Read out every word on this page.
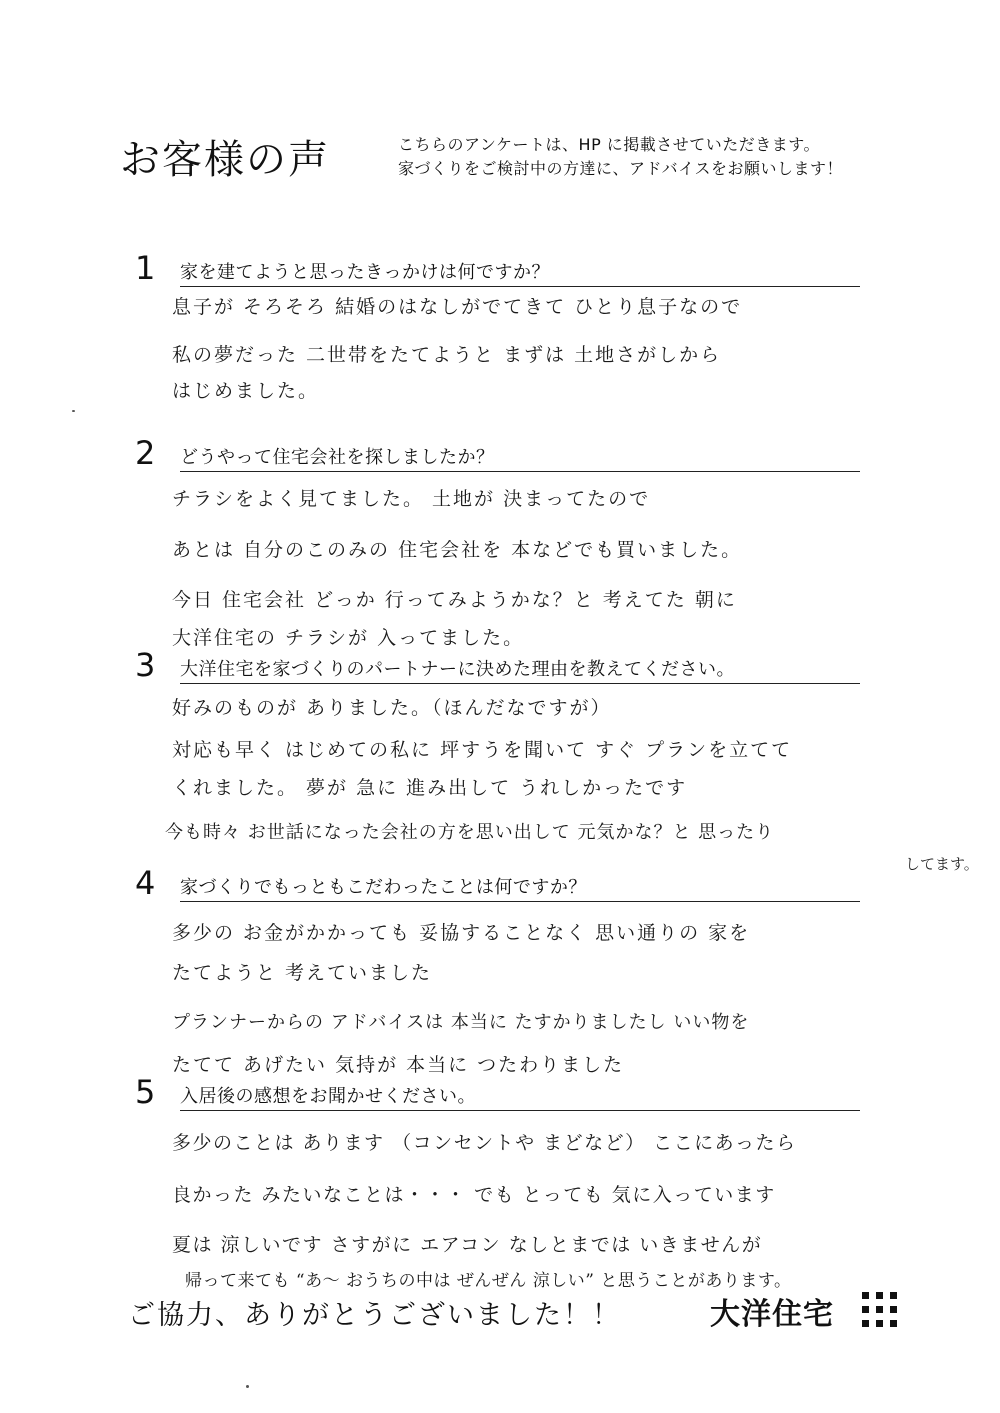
お客様の声	こちらのアンケートは、HP に掲載させていただきます。
家づくりをご検討中の方達に、アドバイスをお願いします！
1 家を建てようと思ったきっかけは何ですか？
息子が そろそろ 結婚のはなしがでてきて ひとり息子なので
私の夢だった 二世帯をたてようと まずは 土地さがしから
はじめました。
2 どうやって住宅会社を探しましたか？
チラシをよく見てました。 土地が 決まってたので
あとは 自分のこのみの 住宅会社を 本などでも買いました。
今日 住宅会社 どっか 行ってみようかな？と 考えてた 朝に
大洋住宅の チラシが 入ってました。
3 大洋住宅を家づくりのパートナーに決めた理由を教えてください。
好みのものが ありました。（ほんだなですが）
対応も早く はじめての私に 坪すうを聞いて すぐ プランを立てて
くれました。 夢が 急に 進み出して うれしかったです
今も時々 お世話になった会社の方を思い出して 元気かな？と 思ったり
してます。
4 家づくりでもっともこだわったことは何ですか？
多少の お金がかかっても 妥協することなく 思い通りの 家を
たてようと 考えていました
プランナーからの アドバイスは 本当に たすかりましたし いい物を
たてて あげたい 気持が 本当に つたわりました
5 入居後の感想をお聞かせください。
多少のことは あります （コンセントや まどなど） ここにあったら
良かった みたいなことは・・・ でも とっても 気に入っています
夏は 涼しいです さすがに エアコン なしとまでは いきませんが
帰って来ても “あ～ おうちの中は ぜんぜん 涼しい” と思うことがあります。
ご協力、ありがとうございました！！	大洋住宅
